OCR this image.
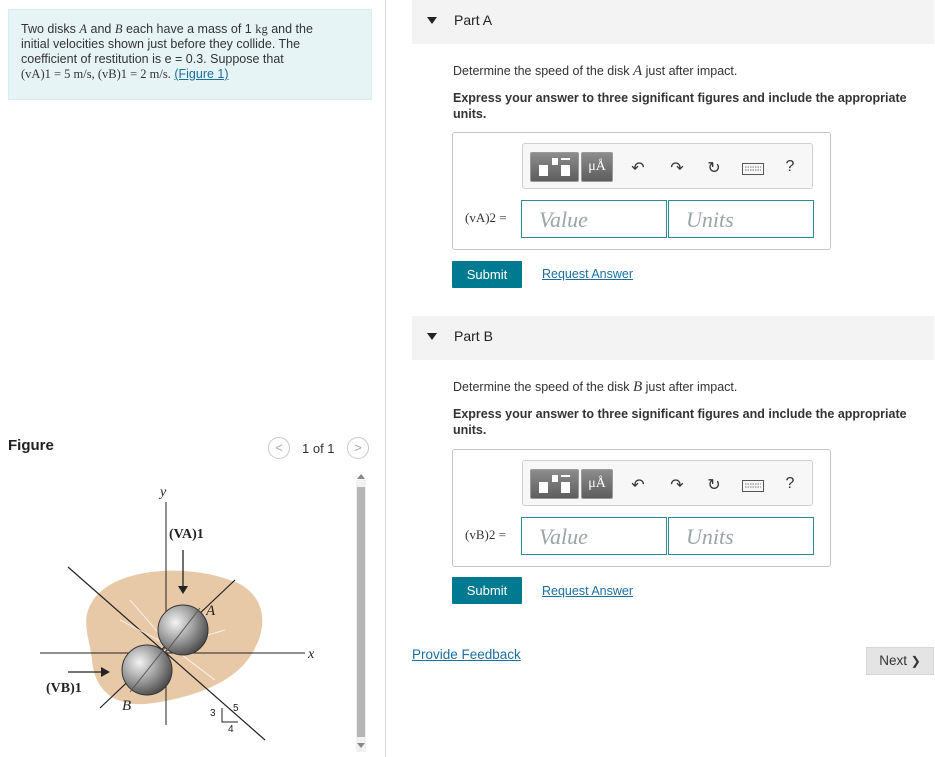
Two disks A and B each have a mass of 1 kg and the
initial velocities shown just before they collide. The
coefficient of restitution is e = 0.3. Suppose that
(vA)1 = 5 m/s, (vB)1 = 2 m/s. (Figure 1)
Figure	<	1 of 1	>
y
x
(VA)1
(VB)1
A
B	3
4
5
Part A
Determine the speed of the disk A just after impact.
Express your answer to three significant figures and include the appropriate units.
μÅ	↶ ↷ ↻	?
(vA)2 =	Value	Units
Submit	Request Answer
Part B
Determine the speed of the disk B just after impact.
Express your answer to three significant figures and include the appropriate units.
μÅ	↶ ↷ ↻	?
(vB)2 =	Value	Units
Submit	Request Answer
Provide Feedback	Next ❯
